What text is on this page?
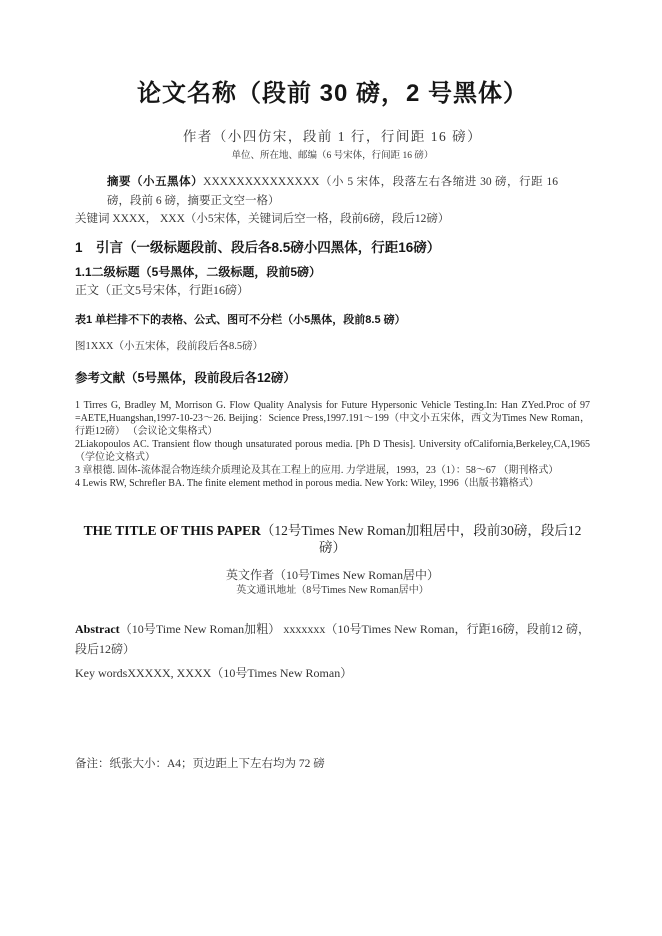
论文名称（段前 30 磅，2 号黑体）
作者（小四仿宋，段前 1 行，行间距 16 磅）
单位、所在地、邮编（6 号宋体，行间距 16 磅）
摘要（小五黑体）XXXXXXXXXXXXXX（小 5 宋体，段落左右各缩进 30 磅，行距 16 磅，段前 6 磅，摘要正文空一格）
关键词 XXXX， XXX（小5宋体，关键词后空一格，段前6磅，段后12磅）
1　引言（一级标题段前、段后各8.5磅小四黑体，行距16磅）
1.1二级标题（5号黑体，二级标题，段前5磅）
正文（正文5号宋体，行距16磅）
表1 单栏排不下的表格、公式、图可不分栏（小5黑体，段前8.5 磅）
图1XXX（小五宋体，段前段后各8.5磅）
参考文献（5号黑体，段前段后各12磅）

1 Tirres G, Bradley M, Morrison G. Flow Quality Analysis for Future Hypersonic Vehicle Testing.In: Han ZYed.Proc of 97 =AETE,Huangshan,1997-10-23～26. Beijing：Science Press,1997.191～199（中文小五宋体，西文为Times New Roman，行距12磅） （会议论文集格式）

2Liakopoulos AC. Transient flow though unsaturated porous media. [Ph D Thesis]. University ofCalifornia,Berkeley,CA,1965（学位论文格式）

3 章根德. 固体-流体混合物连续介质理论及其在工程上的应用. 力学进展，1993，23（1）：58～67 （期刊格式）

4 Lewis RW, Schrefler BA. The finite element method in porous media. New York: Wiley, 1996（出版书籍格式）

THE TITLE OF THIS PAPER（12号Times New Roman加粗居中，段前30磅，段后12磅）
英文作者（10号Times New Roman居中）
英文通讯地址（8号Times New Roman居中）
Abstract（10号Time New Roman加粗） xxxxxxx（10号Times New Roman，行距16磅，段前12 磅，段后12磅）
Key wordsXXXXX, XXXX（10号Times New Roman）
备注：纸张大小：A4；页边距上下左右均为 72 磅
